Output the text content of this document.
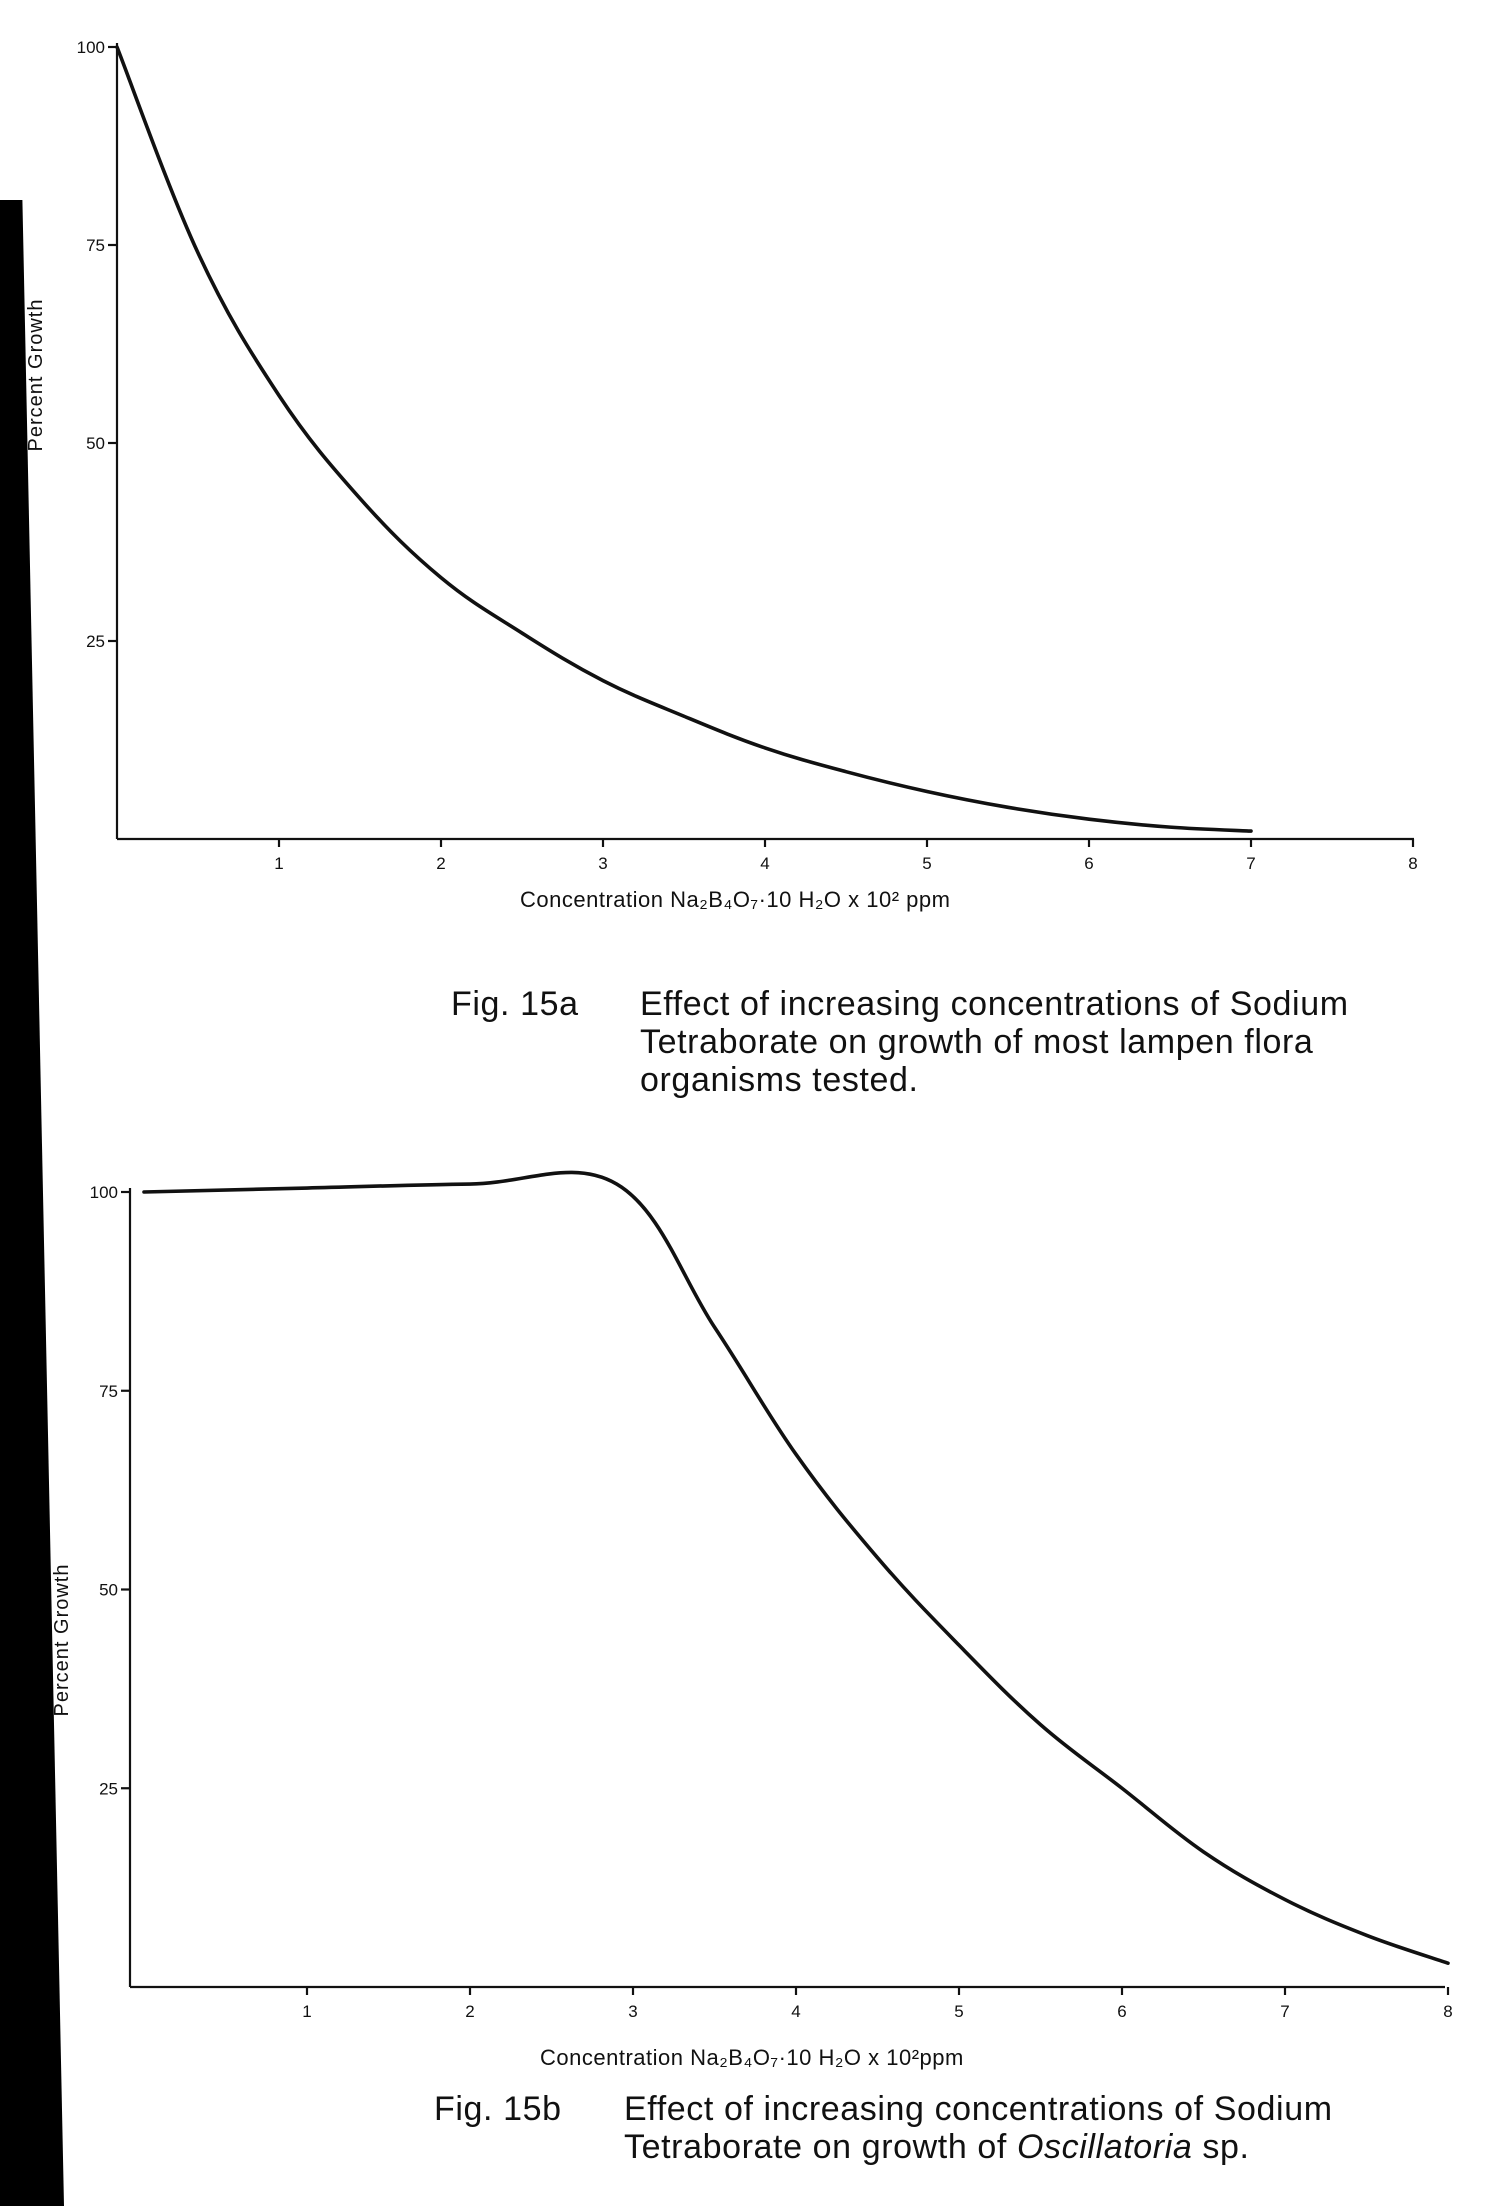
1	2	3	4	5	6	7	8
100
75
50
25
Percent Growth
Concentration Na₂B₄O₇·10 H₂O x 10² ppm
Fig. 15a Effect of increasing concentrations of Sodium
Tetraborate on growth of most lampen flora
organisms tested.
1	2	3	4	5	6	7	8
100
75
50
25
Percent Growth
Concentration Na₂B₄O₇·10 H₂O x 10²ppm
Fig. 15b Effect of increasing concentrations of Sodium
Tetraborate on growth of Oscillatoria sp.
